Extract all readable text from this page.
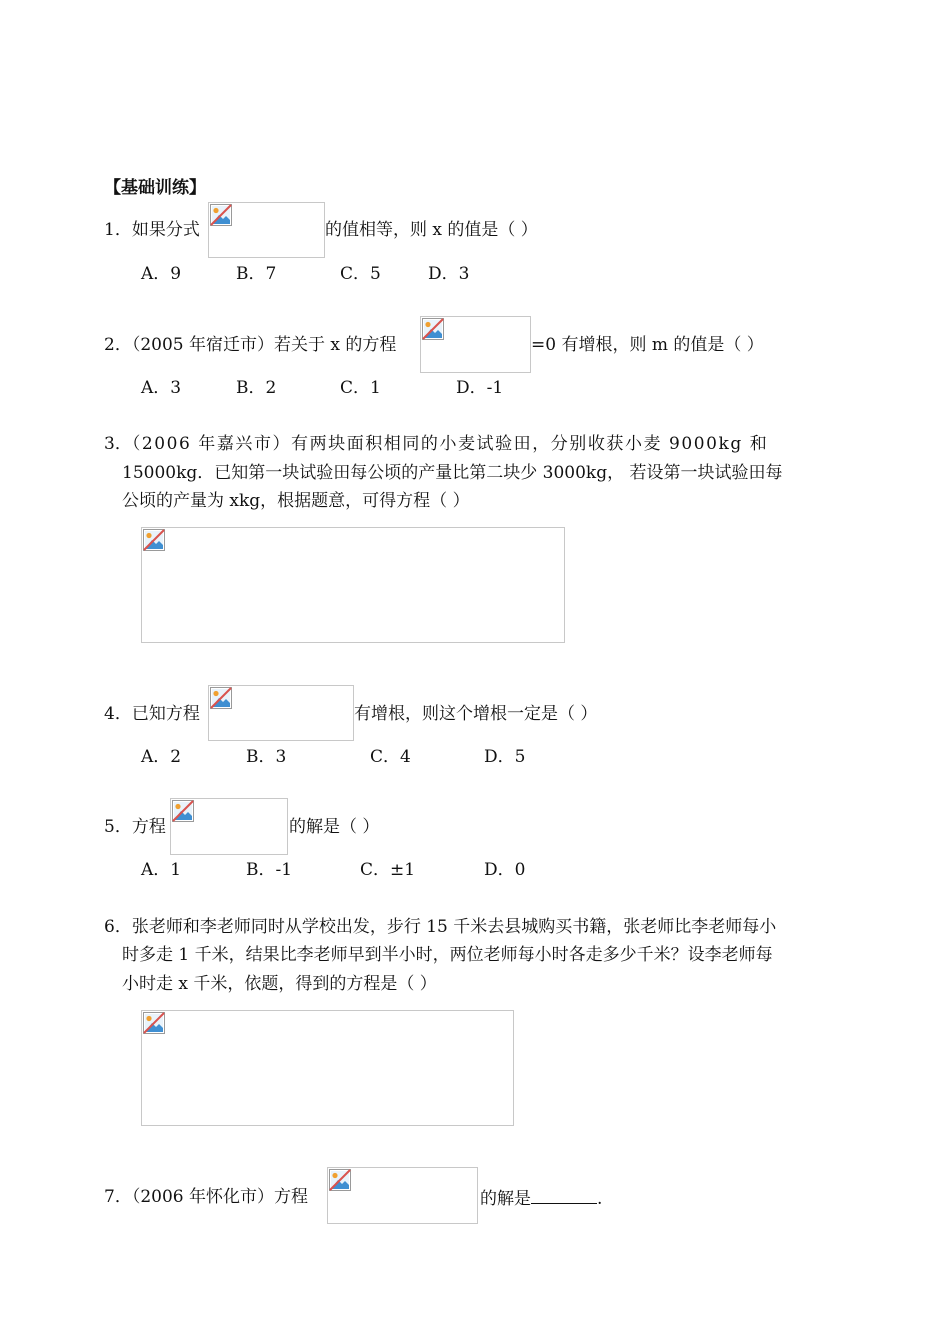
【基础训练】
1．如果分式	的值相等，则 x 的值是（ ）
A．9	B．7	C．5	D．3
2．（2005 年宿迁市）若关于 x 的方程	=0 有增根，则 m 的值是（ ）
A．3	B．2	C．1	D．-1
3．（2006 年嘉兴市）有两块面积相同的小麦试验田，分别收获小麦 9000kg 和
15000kg．已知第一块试验田每公顷的产量比第二块少 3000kg， 若设第一块试验田每
公顷的产量为 xkg，根据题意，可得方程（ ）
4．已知方程	有增根，则这个增根一定是（ ）
A．2	B．3	C．4	D．5
5．方程	的解是（ ）
A．1	B．-1	C．±1	D．0
6．张老师和李老师同时从学校出发，步行 15 千米去县城购买书籍，张老师比李老师每小
时多走 1 千米，结果比李老师早到半小时，两位老师每小时各走多少千米？设李老师每
小时走 x 千米，依题，得到的方程是（ ）
7．（2006 年怀化市）方程	的解是	.
